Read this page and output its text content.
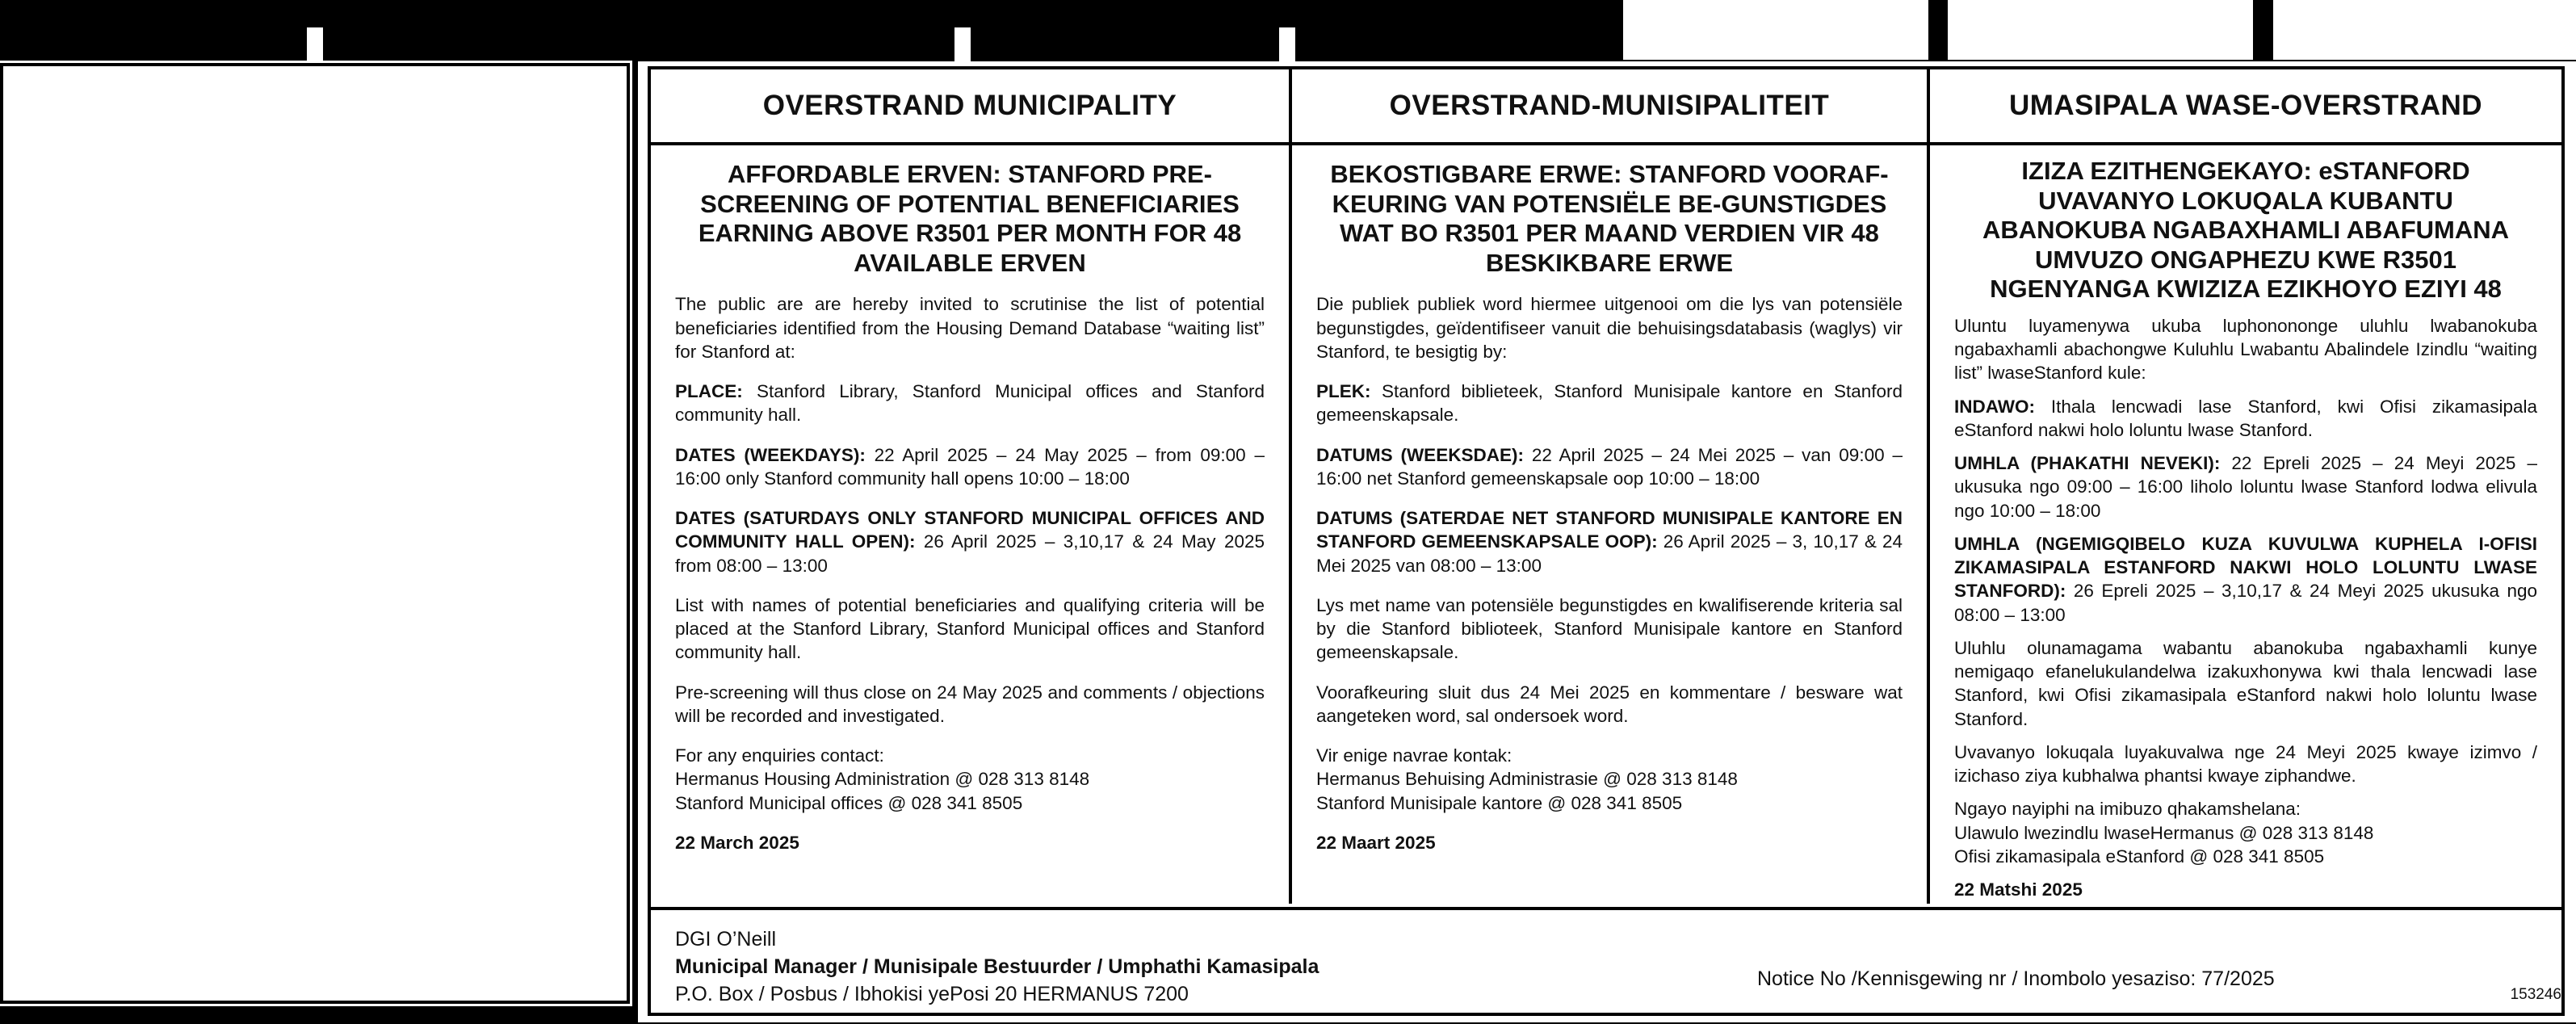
OVERSTRAND MUNICIPALITY
AFFORDABLE ERVEN: STANFORD PRE-SCREENING OF POTENTIAL BENEFICIARIES EARNING ABOVE R3501 PER MONTH FOR 48 AVAILABLE ERVEN

The public are are hereby invited to scrutinise the list of potential beneficiaries identified from the Housing Demand Database “waiting list” for Stanford at:

PLACE: Stanford Library, Stanford Municipal offices and Stanford community hall.

DATES (WEEKDAYS): 22 April 2025 – 24 May 2025 – from 09:00 – 16:00 only Stanford community hall opens 10:00 – 18:00

DATES (SATURDAYS ONLY STANFORD MUNICIPAL OFFICES AND COMMUNITY HALL OPEN): 26 April 2025 – 3,10,17 & 24 May 2025 from 08:00 – 13:00

List with names of potential beneficiaries and qualifying criteria will be placed at the Stanford Library, Stanford Municipal offices and Stanford community hall.

Pre-screening will thus close on 24 May 2025 and comments / objections will be recorded and investigated.

For any enquiries contact:
Hermanus Housing Administration @ 028 313 8148
Stanford Municipal offices @ 028 341 8505
22 March 2025
OVERSTRAND-MUNISIPALITEIT
BEKOSTIGBARE ERWE: STANFORD VOORAF-KEURING VAN POTENSIËLE BE-GUNSTIGDES WAT BO R3501 PER MAAND VERDIEN VIR 48 BESKIKBARE ERWE

Die publiek publiek word hiermee uitgenooi om die lys van potensiële begunstigdes, geïdentifiseer vanuit die behuisingsdatabasis (waglys) vir Stanford, te besigtig by:

PLEK: Stanford biblieteek, Stanford Munisipale kantore en Stanford gemeenskapsale.

DATUMS (WEEKSDAE): 22 April 2025 – 24 Mei 2025 – van 09:00 – 16:00 net Stanford gemeenskapsale oop 10:00 – 18:00

DATUMS (SATERDAE NET STANFORD MUNISIPALE KANTORE EN STANFORD GEMEENSKAPSALE OOP): 26 April 2025 – 3, 10,17 & 24 Mei 2025 van 08:00 – 13:00

Lys met name van potensiële begunstigdes en kwalifiserende kriteria sal by die Stanford biblioteek, Stanford Munisipale kantore en Stanford gemeenskapsale.

Voorafkeuring sluit dus 24 Mei 2025 en kommentare / besware wat aangeteken word, sal ondersoek word.

Vir enige navrae kontak:
Hermanus Behuising Administrasie @ 028 313 8148
Stanford Munisipale kantore @ 028 341 8505
22 Maart 2025
UMASIPALA WASE-OVERSTRAND
IZIZA EZITHENGEKAYO: eSTANFORD UVAVANYO LOKUQALA KUBANTU ABANOKUBA NGABAXHAMLI ABAFUMANA UMVUZO ONGAPHEZU KWE R3501 NGENYANGA KWIZIZA EZIKHOYO EZIYI 48

Uluntu luyamenywa ukuba luphonononge uluhlu lwabanokuba ngabaxhamli abachongwe Kuluhlu Lwabantu Abalindele Izindlu “waiting list” lwaseStanford kule:

INDAWO: Ithala lencwadi lase Stanford, kwi Ofisi zikamasipala eStanford nakwi holo loluntu lwase Stanford.

UMHLA (PHAKATHI NEVEKI): 22 Epreli 2025 – 24 Meyi 2025 – ukusuka ngo 09:00 – 16:00 liholo loluntu lwase Stanford lodwa elivula ngo 10:00 – 18:00

UMHLA (NGEMIGQIBELO KUZA KUVULWA KUPHELA I-OFISI ZIKAMASIPALA ESTANFORD NAKWI HOLO LOLUNTU LWASE STANFORD): 26 Epreli 2025 – 3,10,17 & 24 Meyi 2025 ukusuka ngo 08:00 – 13:00

Uluhlu olunamagama wabantu abanokuba ngabaxhamli kunye nemigaqo efanelukulandelwa izakuxhonywa kwi thala lencwadi lase Stanford, kwi Ofisi zikamasipala eStanford nakwi holo loluntu lwase Stanford.

Uvavanyo lokuqala luyakuvalwa nge 24 Meyi 2025 kwaye izimvo / izichaso ziya kubhalwa phantsi kwaye ziphandwe.

Ngayo nayiphi na imibuzo qhakamshelana:
Ulawulo lwezindlu lwaseHermanus @ 028 313 8148
Ofisi zikamasipala eStanford @ 028 341 8505
22 Matshi 2025
DGI O’Neill
Municipal Manager / Munisipale Bestuurder / Umphathi Kamasipala
P.O. Box / Posbus / Ibhokisi yePosi 20 HERMANUS 7200
Notice No /Kennisgewing nr / Inombolo yesaziso: 77/2025
153246
